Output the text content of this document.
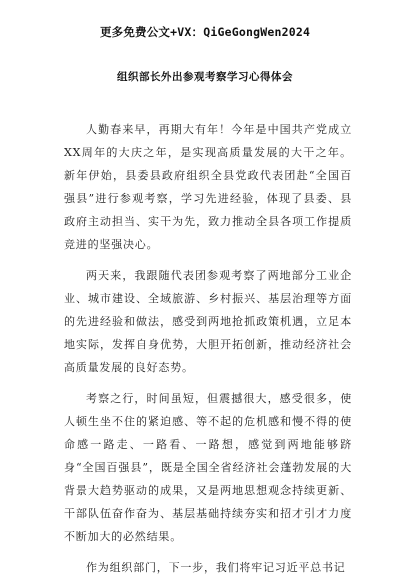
更多免费公文+VX：QiGeGongWen2024
组织部长外出参观考察学习心得体会

人勤春来早，再期大有年！今年是中国共产党成立XX周年的大庆之年，是实现高质量发展的大干之年。新年伊始，县委县政府组织全县党政代表团赴“全国百强县”进行参观考察，学习先进经验，体现了县委、县政府主动担当、实干为先，致力推动全县各项工作提质竞进的坚强决心。

两天来，我跟随代表团参观考察了两地部分工业企业、城市建设、全域旅游、乡村振兴、基层治理等方面的先进经验和做法，感受到两地抢抓政策机遇，立足本地实际，发挥自身优势，大胆开拓创新，推动经济社会高质量发展的良好态势。

考察之行，时间虽短，但震撼很大，感受很多，使人顿生坐不住的紧迫感、等不起的危机感和慢不得的使命感一路走、一路看、一路想，感觉到两地能够跻身“全国百强县”，既是全国全省经济社会蓬勃发展的大背景大趋势驱动的成果，又是两地思想观念持续更新、干部队伍奋作奋为、基层基础持续夯实和招才引才力度不断加大的必然结果。

作为组织部门，下一步，我们将牢记习近平总书记
